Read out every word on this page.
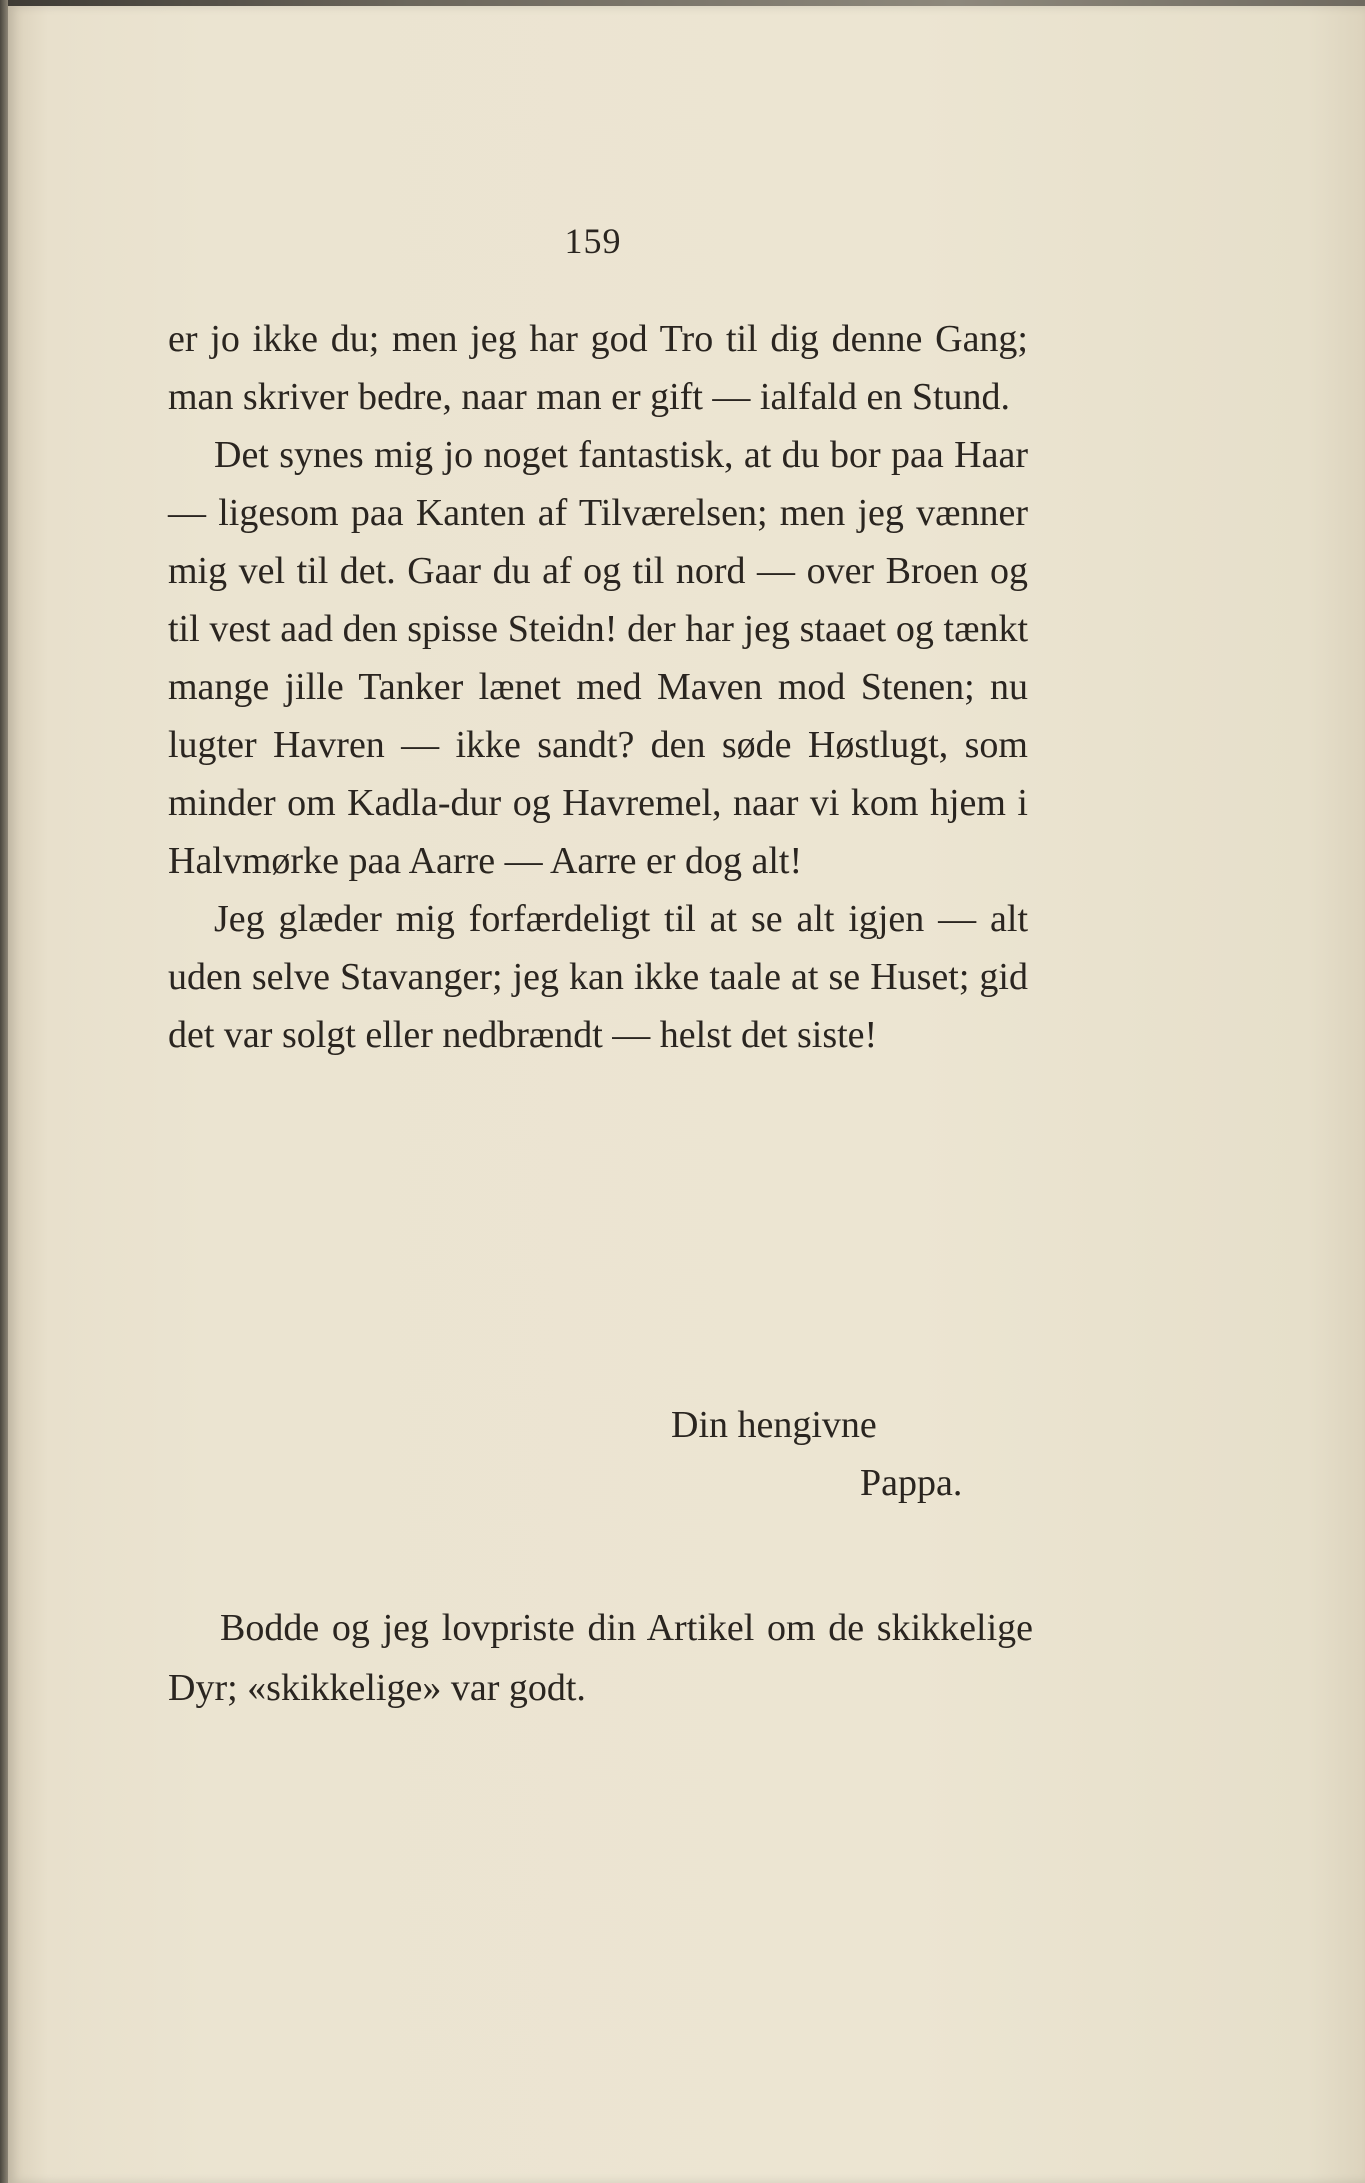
159

er jo ikke du; men jeg har god Tro til dig denne Gang; man skriver bedre, naar man er gift — ialfald en Stund.

Det synes mig jo noget fantastisk, at du bor paa Haar — ligesom paa Kanten af Tilværelsen; men jeg vænner mig vel til det. Gaar du af og til nord — over Broen og til vest aad den spisse Steidn! der har jeg staaet og tænkt mange jille Tanker lænet med Maven mod Stenen; nu lugter Havren — ikke sandt? den søde Høstlugt, som minder om Kadla-dur og Havremel, naar vi kom hjem i Halvmørke paa Aarre — Aarre er dog alt!

Jeg glæder mig forfærdeligt til at se alt igjen — alt uden selve Stavanger; jeg kan ikke taale at se Huset; gid det var solgt eller nedbrændt — helst det siste!

Din hengivne
Pappa.

Bodde og jeg lovpriste din Artikel om de skikkelige Dyr; «skikkelige» var godt.
